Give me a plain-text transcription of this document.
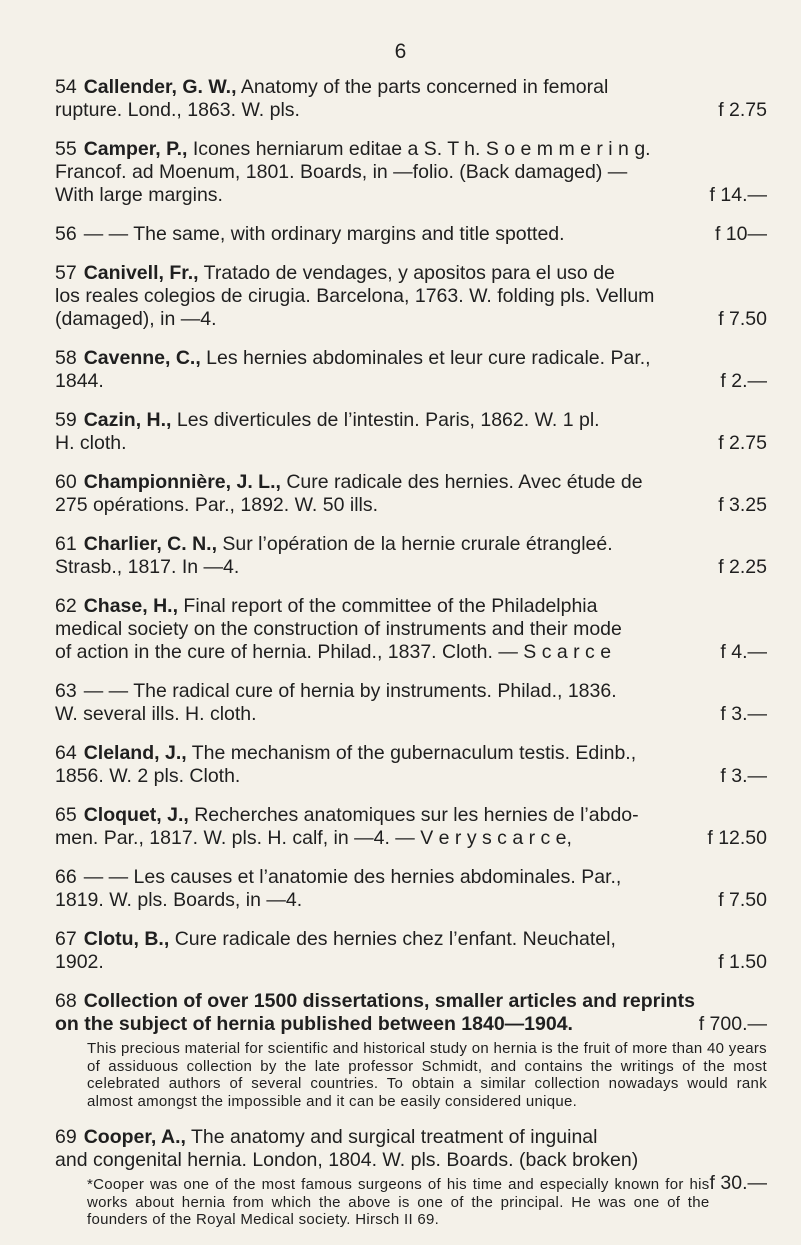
6
54 Callender, G. W., Anatomy of the parts concerned in femoral
rupture. Lond., 1863. W. pls.	f 2.75
55 Camper, P., Icones herniarum editae a S. T h. S o e m m e r i n g.
Francof. ad Moenum, 1801. Boards, in —folio. (Back damaged) —
With large margins.	f 14.—
56 — — The same, with ordinary margins and title spotted.	f 10—
57 Canivell, Fr., Tratado de vendages, y apositos para el uso de
los reales colegios de cirugia. Barcelona, 1763. W. folding pls. Vellum
(damaged), in —4.	f 7.50
58 Cavenne, C., Les hernies abdominales et leur cure radicale. Par.,
1844.	f 2.—
59 Cazin, H., Les diverticules de l’intestin. Paris, 1862. W. 1 pl.
H. cloth.	f 2.75
60 Championnière, J. L., Cure radicale des hernies. Avec étude de
275 opérations. Par., 1892. W. 50 ills.	f 3.25
61 Charlier, C. N., Sur l’opération de la hernie crurale étrangleé.
Strasb., 1817. In —4.	f 2.25
62 Chase, H., Final report of the committee of the Philadelphia
medical society on the construction of instruments and their mode
of action in the cure of hernia. Philad., 1837. Cloth. — S c a r c e	f 4.—
63 — — The radical cure of hernia by instruments. Philad., 1836.
W. several ills. H. cloth.	f 3.—
64 Cleland, J., The mechanism of the gubernaculum testis. Edinb.,
1856. W. 2 pls. Cloth.	f 3.—
65 Cloquet, J., Recherches anatomiques sur les hernies de l’abdo-
men. Par., 1817. W. pls. H. calf, in —4. — V e r y s c a r c e,	f 12.50
66 — — Les causes et l’anatomie des hernies abdominales. Par.,
1819. W. pls. Boards, in —4.	f 7.50
67 Clotu, B., Cure radicale des hernies chez l’enfant. Neuchatel,
1902.	f 1.50
68 Collection of over 1500 dissertations, smaller articles and reprints
on the subject of hernia published between 1840—1904.	f 700.—
This precious material for scientific and historical study on hernia is the fruit of more than 40 years of assiduous collection by the late professor Schmidt, and contains the writings of the most celebrated authors of several countries. To obtain a similar collection nowadays would rank almost amongst the impossible and it can be easily considered unique.
69 Cooper, A., The anatomy and surgical treatment of inguinal
and congenital hernia. London, 1804. W. pls. Boards. (back broken)
f 30.—
*Cooper was one of the most famous surgeons of his time and especially known for his works about hernia from which the above is one of the principal. He was one of the founders of the Royal Medical society. Hirsch II 69.
